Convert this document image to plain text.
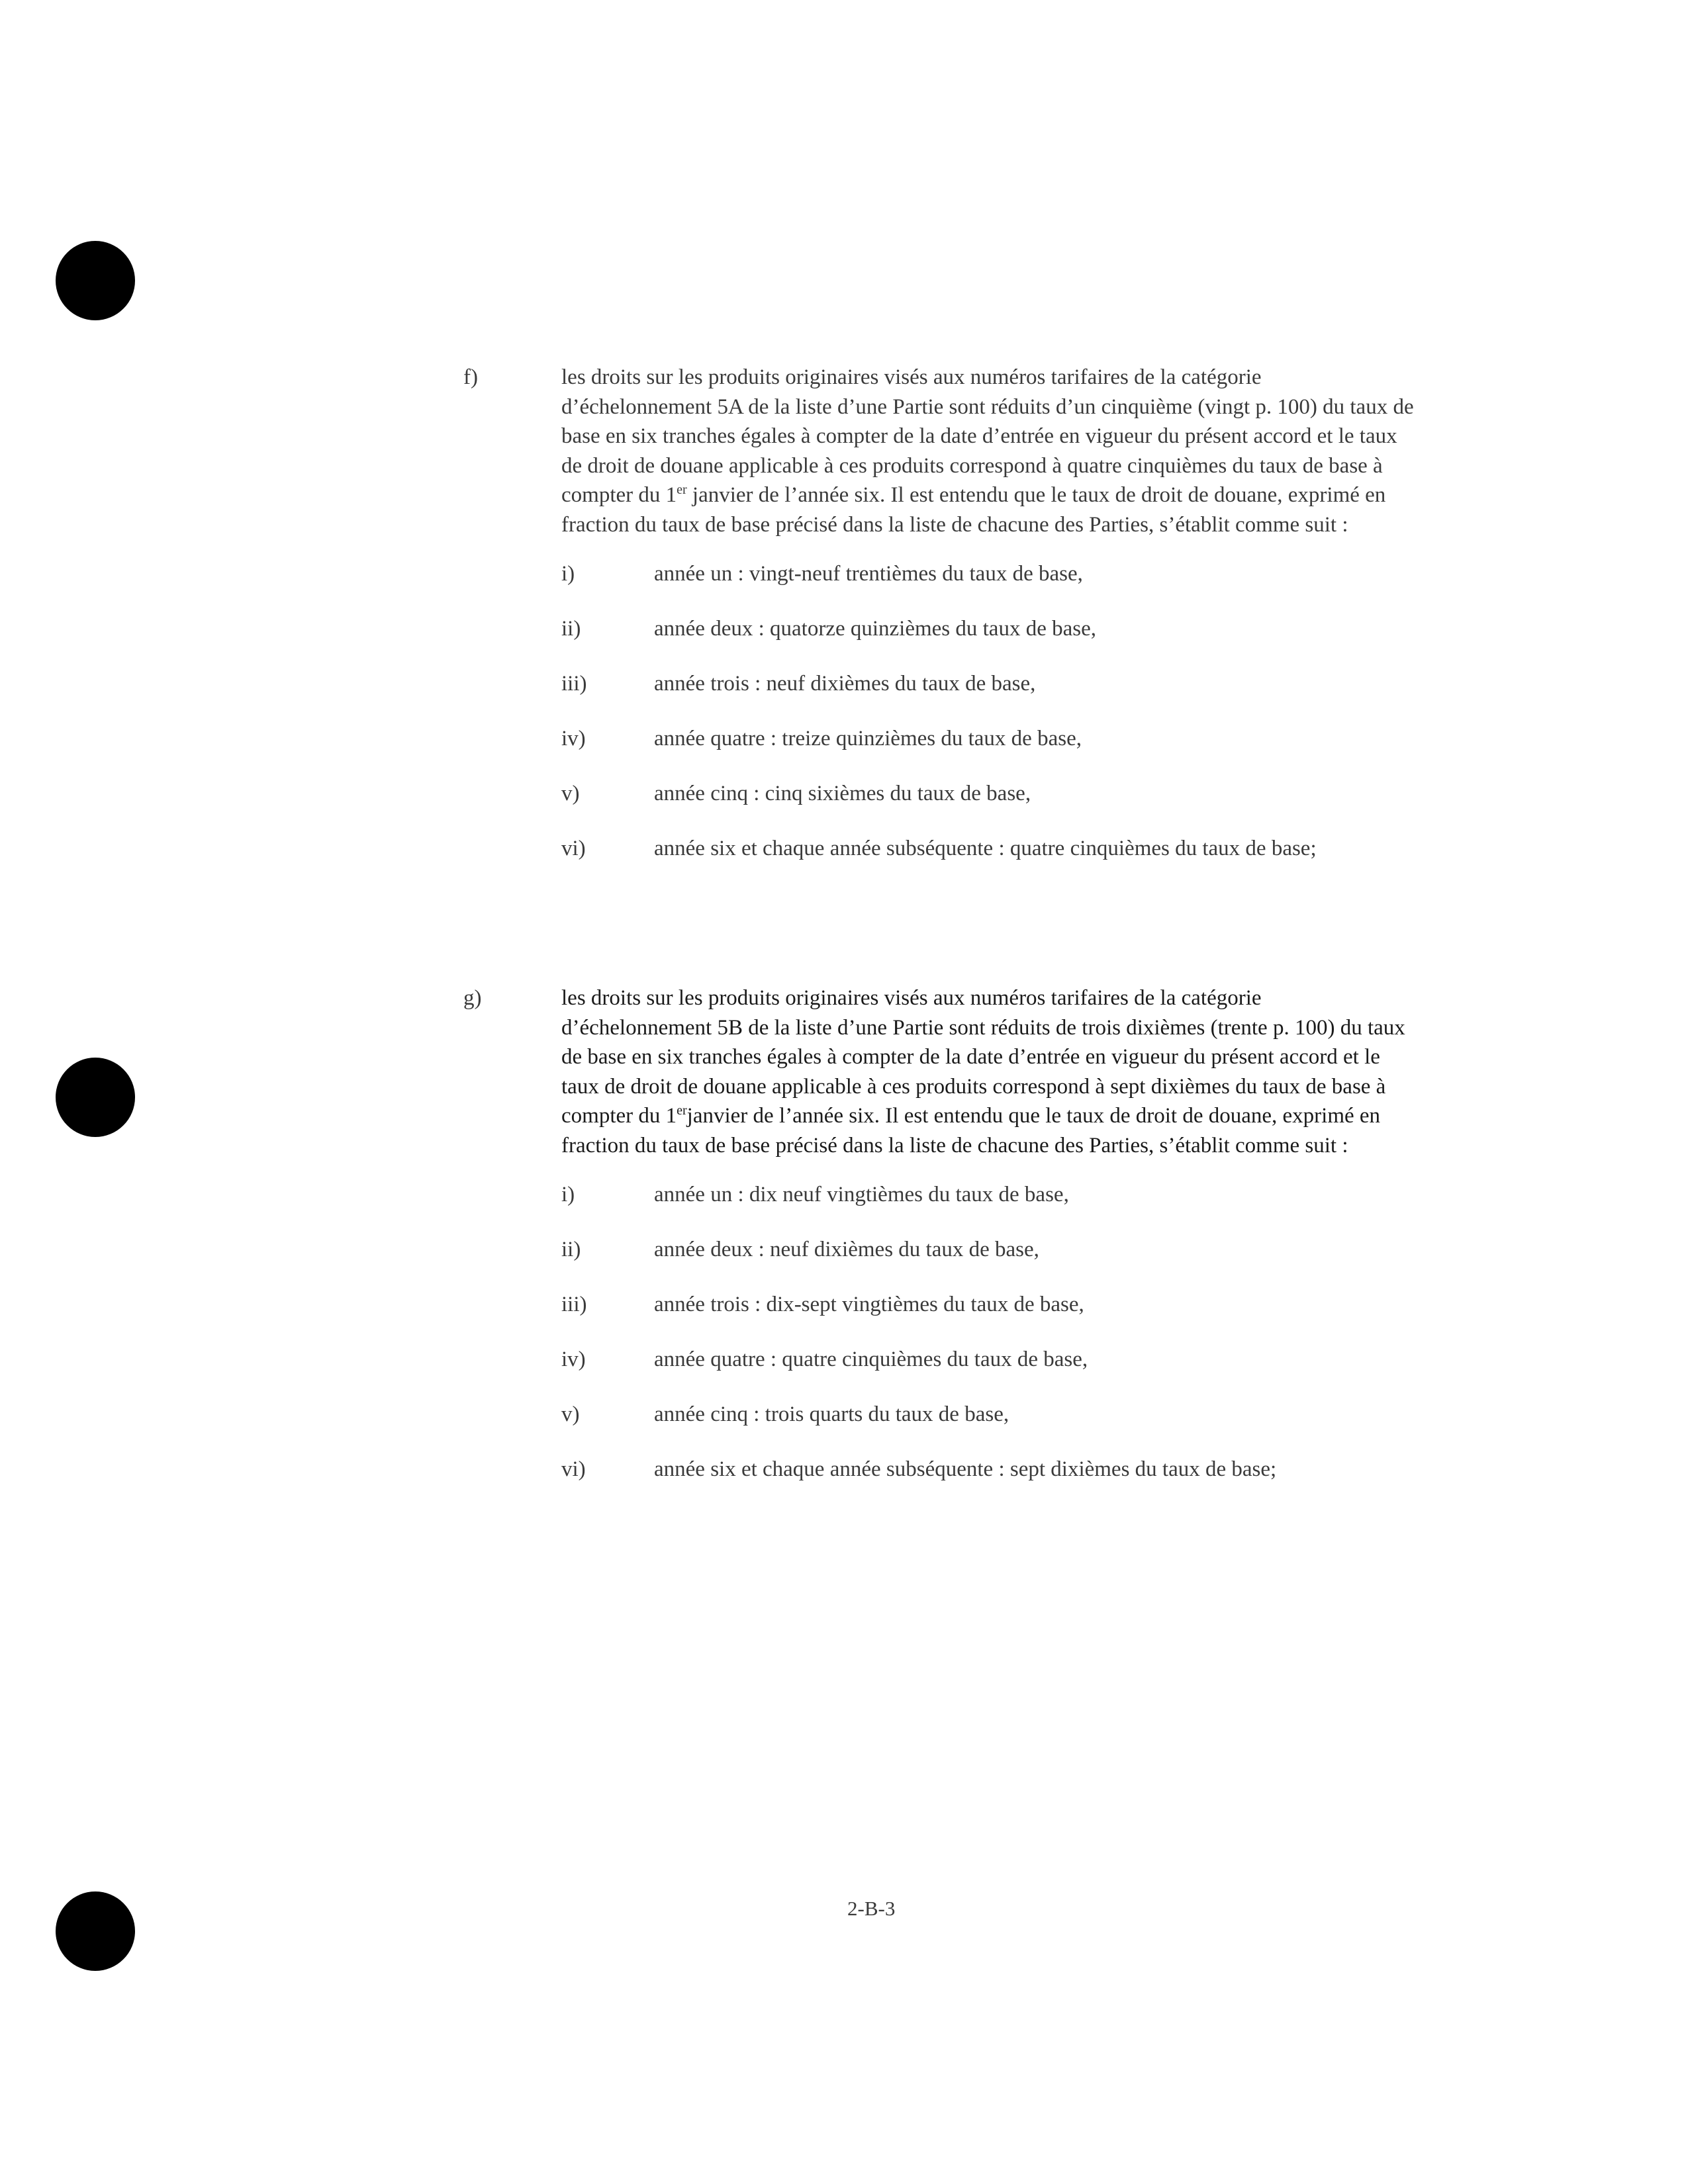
f)	les droits sur les produits originaires visés aux numéros tarifaires de la catégorie d’échelonnement 5A de la liste d’une Partie sont réduits d’un cinquième (vingt p. 100) du taux de base en six tranches égales à compter de la date d’entrée en vigueur du présent accord et le taux de droit de douane applicable à ces produits correspond à quatre cinquièmes du taux de base à compter du 1er janvier de l’année six. Il est entendu que le taux de droit de douane, exprimé en fraction du taux de base précisé dans la liste de chacune des Parties, s’établit comme suit :
i)	année un : vingt-neuf trentièmes du taux de base,
ii)	année deux : quatorze quinzièmes du taux de base,
iii)	année trois : neuf dixièmes du taux de base,
iv)	année quatre : treize quinzièmes du taux de base,
v)	année cinq : cinq sixièmes du taux de base,
vi)	année six et chaque année subséquente : quatre cinquièmes du taux de base;
g)	les droits sur les produits originaires visés aux numéros tarifaires de la catégorie d’échelonnement 5B de la liste d’une Partie sont réduits de trois dixièmes (trente p. 100) du taux de base en six tranches égales à compter de la date d’entrée en vigueur du présent accord et le taux de droit de douane applicable à ces produits correspond à sept dixièmes du taux de base à compter du 1erjanvier de l’année six. Il est entendu que le taux de droit de douane, exprimé en fraction du taux de base précisé dans la liste de chacune des Parties, s’établit comme suit :
i)	année un : dix neuf vingtièmes du taux de base,
ii)	année deux : neuf dixièmes du taux de base,
iii)	année trois : dix-sept vingtièmes du taux de base,
iv)	année quatre : quatre cinquièmes du taux de base,
v)	année cinq : trois quarts du taux de base,
vi)	année six et chaque année subséquente : sept dixièmes du taux de base;
2-B-3
